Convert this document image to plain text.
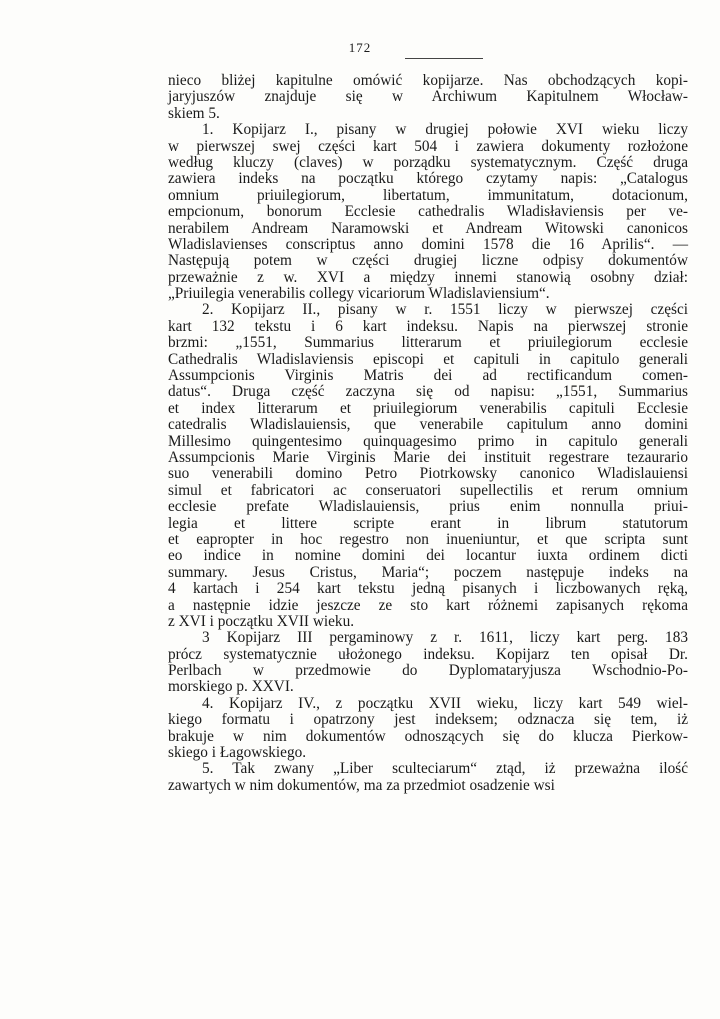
172
nieco bliżej kapitulne omówić kopijarze. Nas obchodzących kopi-
jaryjuszów znajduje się w Archiwum Kapitulnem Włocław-
skiem 5.
1. Kopijarz I., pisany w drugiej połowie XVI wieku liczy
w pierwszej swej części kart 504 i zawiera dokumenty rozłożone
według kluczy (claves) w porządku systematycznym. Część druga
zawiera indeks na początku którego czytamy napis: „Catalogus
omnium priuilegiorum, libertatum, immunitatum, dotacionum,
empcionum, bonorum Ecclesie cathedralis Wladisłaviensis per ve-
nerabilem Andream Naramowski et Andream Witowski canonicos
Wladislavienses conscriptus anno domini 1578 die 16 Aprilis“. —
Następują potem w części drugiej liczne odpisy dokumentów
przeważnie z w. XVI a między innemi stanowią osobny dział:
„Priuilegia venerabilis collegy vicariorum Wladislaviensium“.
2. Kopijarz II., pisany w r. 1551 liczy w pierwszej części
kart 132 tekstu i 6 kart indeksu. Napis na pierwszej stronie
brzmi: „1551, Summarius litterarum et priuilegiorum ecclesie
Cathedralis Wladislaviensis episcopi et capituli in capitulo generali
Assumpcionis Virginis Matris dei ad rectificandum comen-
datus“. Druga część zaczyna się od napisu: „1551, Summarius
et index litterarum et priuilegiorum venerabilis capituli Ecclesie
catedralis Wladislauiensis, que venerabile capitulum anno domini
Millesimo quingentesimo quinquagesimo primo in capitulo generali
Assumpcionis Marie Virginis Marie dei instituit regestrare tezaurario
suo venerabili domino Petro Piotrkowsky canonico Wladislauiensi
simul et fabricatori ac conseruatori supellectilis et rerum omnium
ecclesie prefate Wladislauiensis, prius enim nonnulla priui-
legia et littere scripte erant in librum statutorum
et eapropter in hoc regestro non inueniuntur, et que scripta sunt
eo indice in nomine domini dei locantur iuxta ordinem dicti
summary. Jesus Cristus, Maria“; poczem następuje indeks na
4 kartach i 254 kart tekstu jedną pisanych i liczbowanych ręką,
a następnie idzie jeszcze ze sto kart różnemi zapisanych rękoma
z XVI i początku XVII wieku.
3 Kopijarz III pergaminowy z r. 1611, liczy kart perg. 183
prócz systematycznie ułożonego indeksu. Kopijarz ten opisał Dr.
Perlbach w przedmowie do Dyplomataryjusza Wschodnio-Po-
morskiego p. XXVI.
4. Kopijarz IV., z początku XVII wieku, liczy kart 549 wiel-
kiego formatu i opatrzony jest indeksem; odznacza się tem, iż
brakuje w nim dokumentów odnoszących się do klucza Pierkow-
skiego i Łagowskiego.
5. Tak zwany „Liber sculteciarum“ ztąd, iż przeważna ilość
zawartych w nim dokumentów, ma za przedmiot osadzenie wsi
